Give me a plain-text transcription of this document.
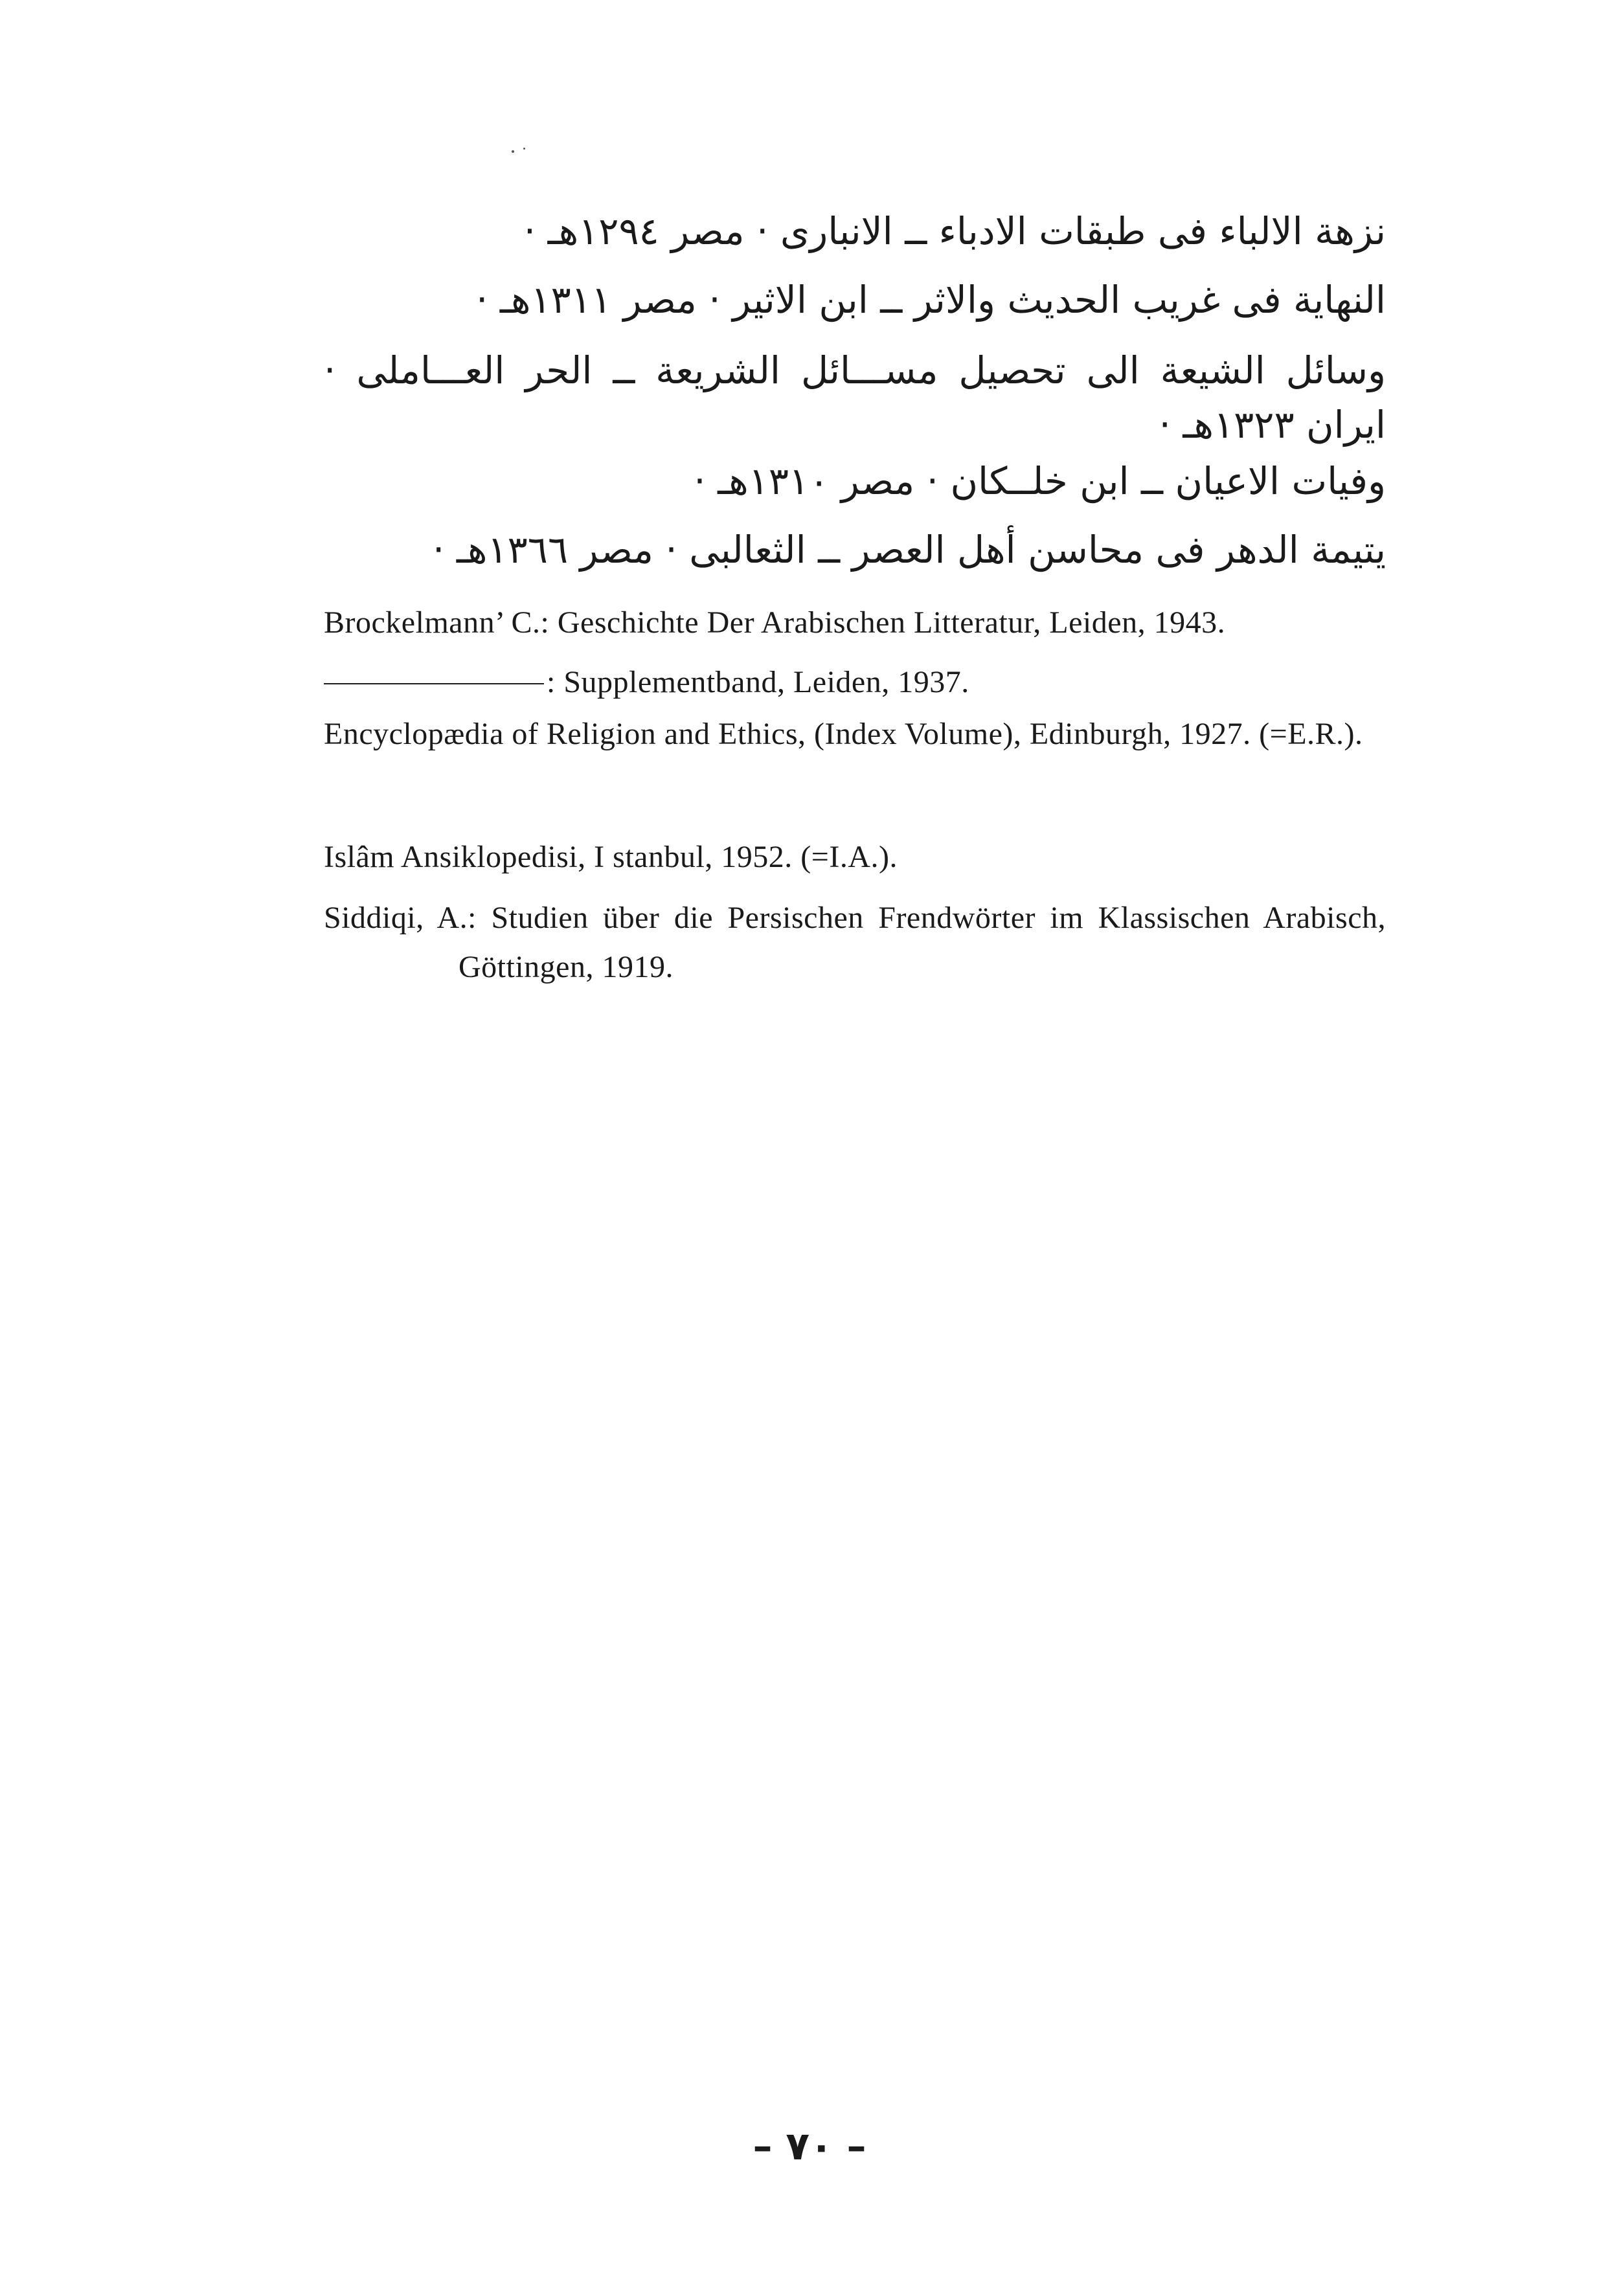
نزهة الالباء فى طبقات الادباء ــ الانبارى · مصر ١٢٩٤هـ ·
النهاية فى غريب الحديث والاثر ــ ابن الاثير · مصر ١٣١١هـ ·
وسائل الشيعة الى تحصيل مســـائل الشريعة ــ الحر العـــاملى · ايران ١٣٢٣هـ ·
وفيات الاعيان ــ ابن خلــكان · مصر ١٣١٠هـ ·
يتيمة الدهر فى محاسن أهل العصر ــ الثعالبى · مصر ١٣٦٦هـ ·
Brockelmann’ C.: Geschichte Der Arabischen Litteratur, Leiden, 1943.
: Supplementband, Leiden, 1937.
Encyclopædia of Religion and Ethics, (Index Volume), Edinburgh, 1927. (=E.R.).
Islâm Ansiklopedisi, I stanbul, 1952. (=I.A.).
Siddiqi, A.: Studien über die Persischen Frendwörter im Klassischen Arabisch, Göttingen, 1919.
– ٧٠ –
